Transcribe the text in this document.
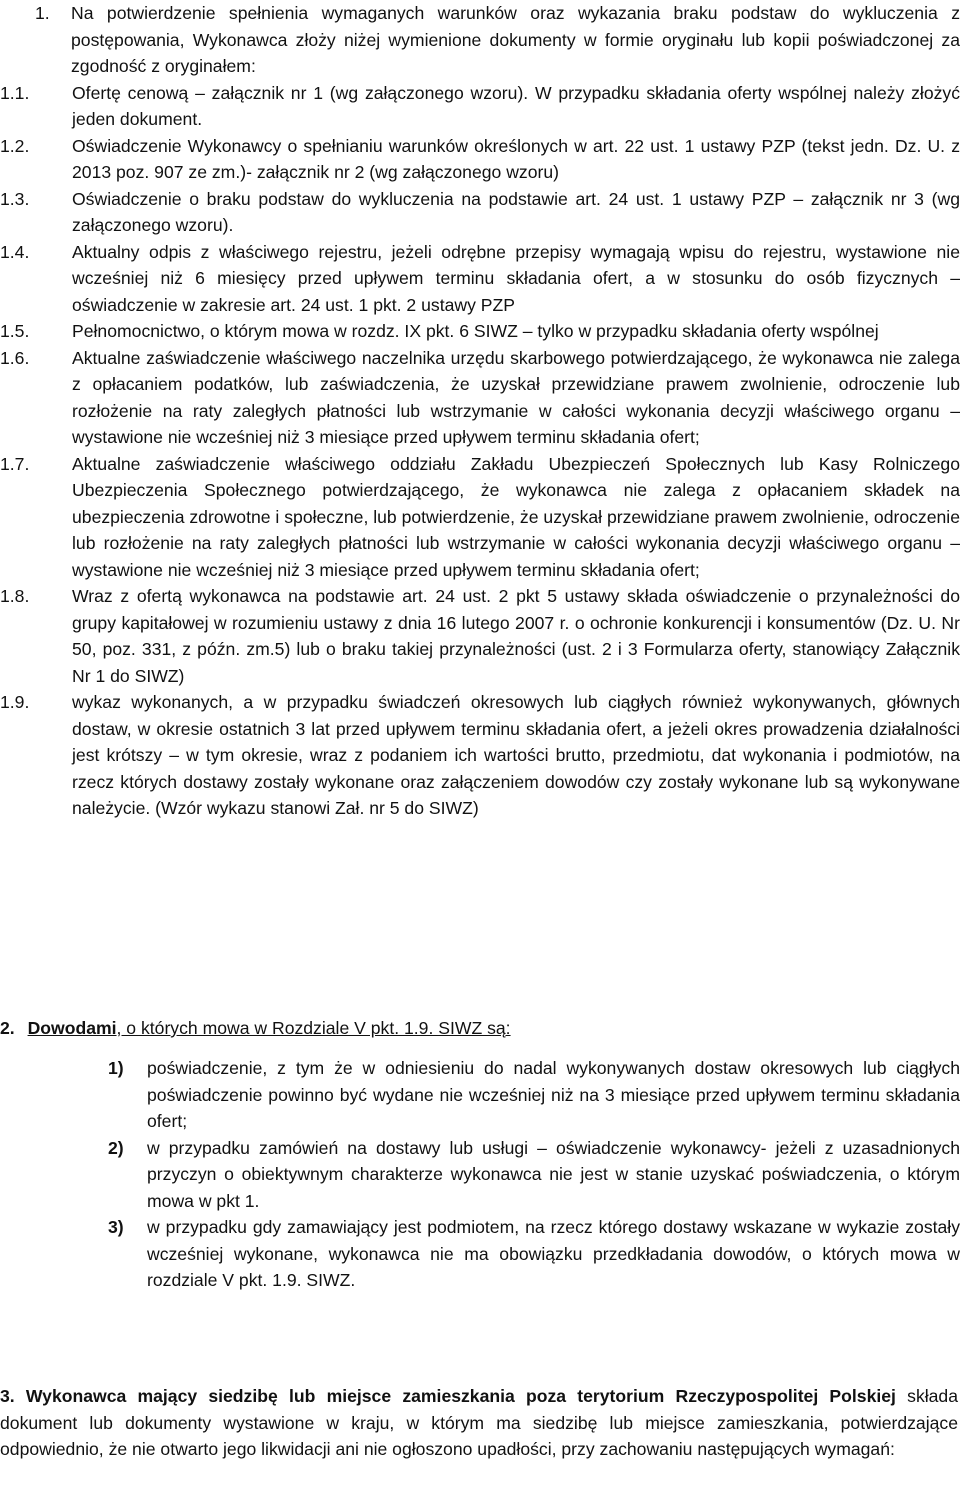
1.	Na potwierdzenie spełnienia wymaganych warunków oraz wykazania braku podstaw do wykluczenia z postępowania, Wykonawca złoży niżej wymienione dokumenty w formie oryginału lub kopii poświadczonej za zgodność z oryginałem:
1.1.	Ofertę cenową – załącznik nr 1 (wg załączonego wzoru). W przypadku składania oferty wspólnej należy złożyć jeden dokument.
1.2.	Oświadczenie Wykonawcy o spełnianiu warunków określonych w art. 22 ust. 1 ustawy PZP (tekst jedn. Dz. U. z 2013 poz. 907 ze zm.)- załącznik nr 2 (wg załączonego wzoru)
1.3.	Oświadczenie o braku podstaw do wykluczenia na podstawie art. 24 ust. 1 ustawy PZP – załącznik nr 3 (wg załączonego wzoru).
1.4.	Aktualny odpis z właściwego rejestru, jeżeli odrębne przepisy wymagają wpisu do rejestru, wystawione nie wcześniej niż 6 miesięcy przed upływem terminu składania ofert, a w stosunku do osób fizycznych – oświadczenie w zakresie art. 24 ust. 1 pkt. 2 ustawy PZP
1.5.	Pełnomocnictwo, o którym mowa w rozdz. IX pkt. 6 SIWZ – tylko w przypadku składania oferty wspólnej
1.6.	Aktualne zaświadczenie właściwego naczelnika urzędu skarbowego potwierdzającego, że wykonawca nie zalega z opłacaniem podatków, lub zaświadczenia, że uzyskał przewidziane prawem zwolnienie, odroczenie lub rozłożenie na raty zaległych płatności lub wstrzymanie w całości wykonania decyzji właściwego organu – wystawione nie wcześniej niż 3 miesiące przed upływem terminu składania ofert;
1.7.	Aktualne zaświadczenie właściwego oddziału Zakładu Ubezpieczeń Społecznych lub Kasy Rolniczego Ubezpieczenia Społecznego potwierdzającego, że wykonawca nie zalega z opłacaniem składek na ubezpieczenia zdrowotne i społeczne, lub potwierdzenie, że uzyskał przewidziane prawem zwolnienie, odroczenie lub rozłożenie na raty zaległych płatności lub wstrzymanie w całości wykonania decyzji właściwego organu – wystawione nie wcześniej niż 3 miesiące przed upływem terminu składania ofert;
1.8.	Wraz z ofertą wykonawca na podstawie art. 24 ust. 2 pkt 5 ustawy składa oświadczenie o przynależności do grupy kapitałowej w rozumieniu ustawy z dnia 16 lutego 2007 r. o ochronie konkurencji i konsumentów (Dz. U. Nr 50, poz. 331, z późn. zm.5) lub o braku takiej przynależności (ust. 2 i 3 Formularza oferty, stanowiący Załącznik Nr 1 do SIWZ)
1.9.	wykaz wykonanych, a w przypadku świadczeń okresowych lub ciągłych również wykonywanych, głównych dostaw, w okresie ostatnich 3 lat przed upływem terminu składania ofert, a jeżeli okres prowadzenia działalności jest krótszy – w tym okresie, wraz z podaniem ich wartości brutto, przedmiotu, dat wykonania i podmiotów, na rzecz których dostawy zostały wykonane oraz załączeniem dowodów czy zostały wykonane lub są wykonywane należycie. (Wzór wykazu stanowi Zał. nr 5 do SIWZ)

2. Dowodami, o których mowa w Rozdziale V pkt. 1.9. SIWZ są:

1)	poświadczenie, z tym że w odniesieniu do nadal wykonywanych dostaw okresowych lub ciągłych poświadczenie powinno być wydane nie wcześniej niż na 3 miesiące przed upływem terminu składania ofert;
2)	w przypadku zamówień na dostawy lub usługi – oświadczenie wykonawcy- jeżeli z uzasadnionych przyczyn o obiektywnym charakterze wykonawca nie jest w stanie uzyskać poświadczenia, o którym mowa w pkt 1.
3)	w przypadku gdy zamawiający jest podmiotem, na rzecz którego dostawy wskazane w wykazie zostały wcześniej wykonane, wykonawca nie ma obowiązku przedkładania dowodów, o których mowa w rozdziale V pkt. 1.9. SIWZ.

3. Wykonawca mający siedzibę lub miejsce zamieszkania poza terytorium Rzeczypospolitej Polskiej składa dokument lub dokumenty wystawione w kraju, w którym ma siedzibę lub miejsce zamieszkania, potwierdzające odpowiednio, że nie otwarto jego likwidacji ani nie ogłoszono upadłości, przy zachowaniu następujących wymagań:
